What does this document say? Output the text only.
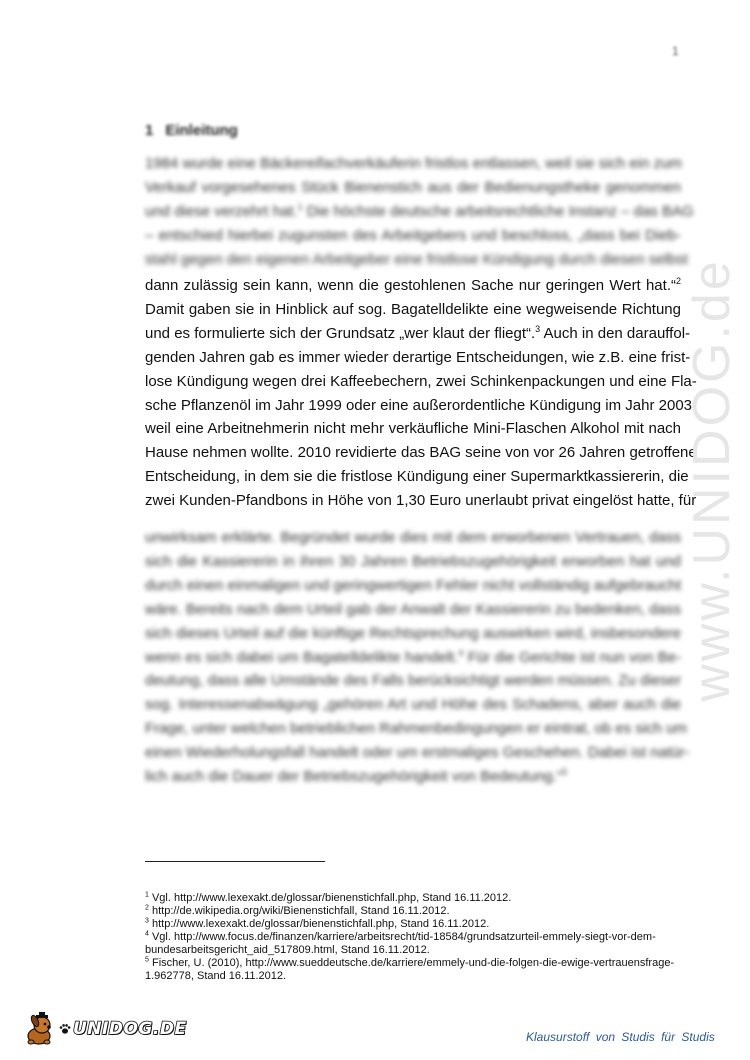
1
1 Einleitung
1984 wurde eine Bäckereifachverkäuferin fristlos entlassen, weil sie sich ein zum
Verkauf vorgesehenes Stück Bienenstich aus der Bedienungstheke genommen
und diese verzehrt hat.$^1$ Die höchste deutsche arbeitsrechtliche Instanz – das BAG
– entschied hierbei zugunsten des Arbeitgebers und beschloss, „dass bei Dieb-
stahl gegen den eigenen Arbeitgeber eine fristlose Kündigung durch diesen selbst
dann zulässig sein kann, wenn die gestohlenen Sache nur geringen Wert hat.“$^2$
Damit gaben sie in Hinblick auf sog. Bagatelldelikte eine wegweisende Richtung
und es formulierte sich der Grundsatz „wer klaut der fliegt“.$^3$ Auch in den darauffol-
genden Jahren gab es immer wieder derartige Entscheidungen, wie z.B. eine frist-
lose Kündigung wegen drei Kaffeebechern, zwei Schinkenpackungen und eine Fla-
sche Pflanzenöl im Jahr 1999 oder eine außerordentliche Kündigung im Jahr 2003,
weil eine Arbeitnehmerin nicht mehr verkäufliche Mini-Flaschen Alkohol mit nach
Hause nehmen wollte. 2010 revidierte das BAG seine von vor 26 Jahren getroffene
Entscheidung, in dem sie die fristlose Kündigung einer Supermarktkassiererin, die
zwei Kunden-Pfandbons in Höhe von 1,30 Euro unerlaubt privat eingelöst hatte, für
unwirksam erklärte. Begründet wurde dies mit dem erworbenen Vertrauen, dass
sich die Kassiererin in ihren 30 Jahren Betriebszugehörigkeit erworben hat und
durch einen einmaligen und geringwertigen Fehler nicht vollständig aufgebraucht
wäre. Bereits nach dem Urteil gab der Anwalt der Kassiererin zu bedenken, dass
sich dieses Urteil auf die künftige Rechtsprechung auswirken wird, insbesondere
wenn es sich dabei um Bagatelldelikte handelt.$^4$ Für die Gerichte ist nun von Be-
deutung, dass alle Umstände des Falls berücksichtigt werden müssen. Zu dieser
sog. Interessenabwägung „gehören Art und Höhe des Schadens, aber auch die
Frage, unter welchen betrieblichen Rahmenbedingungen er eintrat, ob es sich um
einen Wiederholungsfall handelt oder um erstmaliges Geschehen. Dabei ist natür-
lich auch die Dauer der Betriebszugehörigkeit von Bedeutung.“$^5$
$^1$ Vgl. http://www.lexexakt.de/glossar/bienenstichfall.php, Stand 16.11.2012.
$^2$ http://de.wikipedia.org/wiki/Bienenstichfall, Stand 16.11.2012.
$^3$ http://www.lexexakt.de/glossar/bienenstichfall.php, Stand 16.11.2012.
$^4$ Vgl. http://www.focus.de/finanzen/karriere/arbeitsrecht/tid-18584/grundsatzurteil-emmely-siegt-vor-dem-bundesarbeitsgericht_aid_517809.html, Stand 16.11.2012.
$^5$ Fischer, U. (2010), http://www.sueddeutsche.de/karriere/emmely-und-die-folgen-die-ewige-vertrauensfrage-1.962778, Stand 16.11.2012.
www.UNIDOG.de
UNIDOG.DE	Klausurstoff von Studis für Studis
